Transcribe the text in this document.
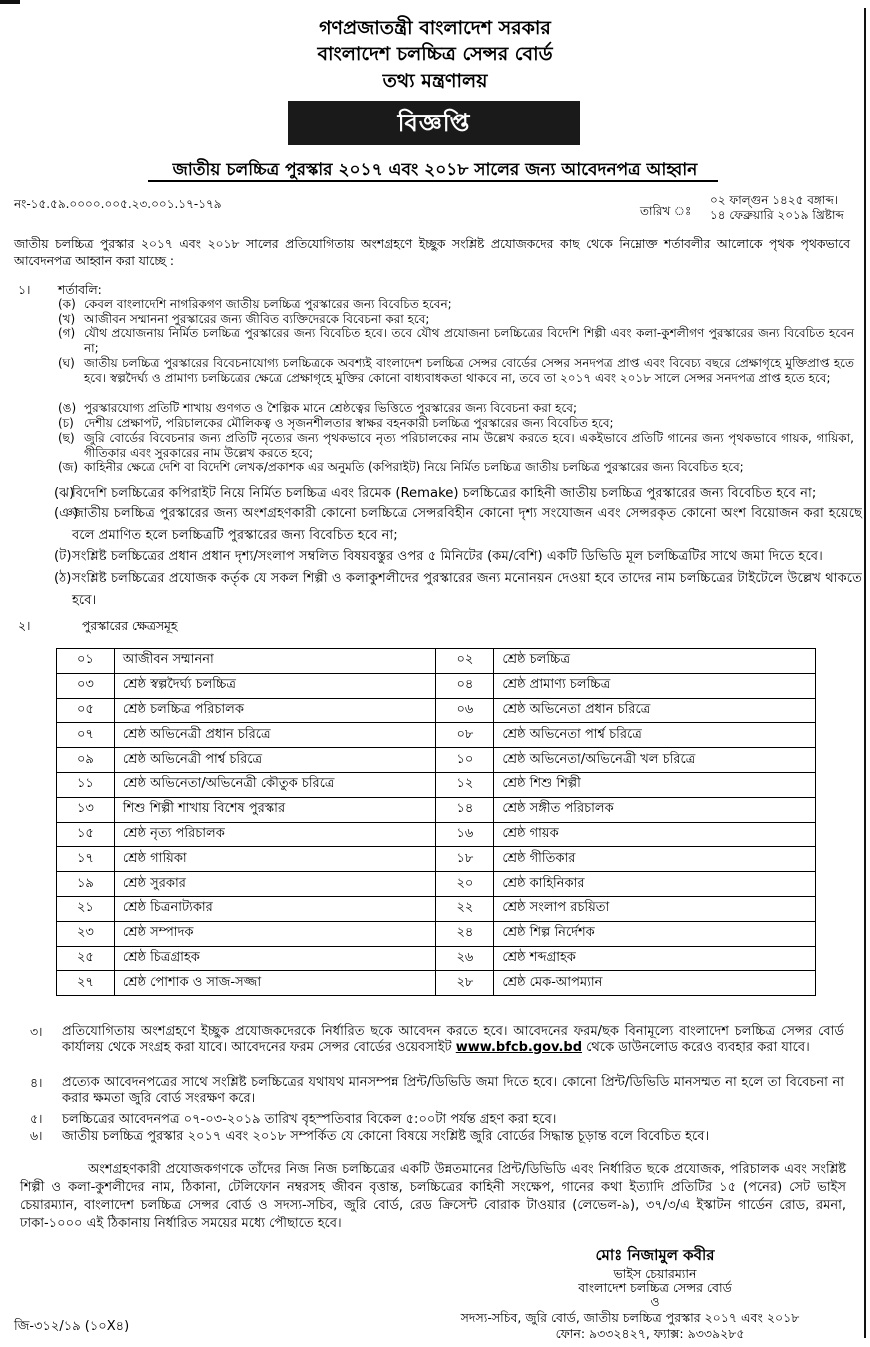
গণপ্রজাতন্ত্রী বাংলাদেশ সরকার
বাংলাদেশ চলচ্চিত্র সেন্সর বোর্ড
তথ্য মন্ত্রণালয়
বিজ্ঞপ্তি
জাতীয় চলচ্চিত্র পুরস্কার ২০১৭ এবং ২০১৮ সালের জন্য আবেদনপত্র আহ্বান
নং-১৫.৫৯.০০০০.০০৫.২৩.০০১.১৭-১৭৯	তারিখ ঃ
০২ ফাল্গুন ১৪২৫ বঙ্গাব্দ।
১৪ ফেব্রুয়ারি ২০১৯ খ্রিষ্টাব্দ
জাতীয় চলচ্চিত্র পুরস্কার ২০১৭ এবং ২০১৮ সালের প্রতিযোগিতায় অংশগ্রহণে ইচ্ছুক সংশ্লিষ্ট প্রযোজকদের কাছ থেকে নিম্নোক্ত শর্তাবলীর আলোকে পৃথক পৃথকভাবে আবেদনপত্র আহ্বান করা যাচ্ছে :
১। শর্তাবলি:
(ক) কেবল বাংলাদেশি নাগরিকগণ জাতীয় চলচ্চিত্র পুরস্কারের জন্য বিবেচিত হবেন;
(খ) আজীবন সম্মাননা পুরস্কারের জন্য জীবিত ব্যক্তিদেরকে বিবেচনা করা হবে;
(গ) যৌথ প্রযোজনায় নির্মিত চলচ্চিত্র পুরস্কারের জন্য বিবেচিত হবে। তবে যৌথ প্রযোজনা চলচ্চিত্রের বিদেশি শিল্পী এবং কলা-কুশলীগণ পুরস্কারের জন্য বিবেচিত হবেন না;
(ঘ) জাতীয় চলচ্চিত্র পুরস্কারের বিবেচনাযোগ্য চলচ্চিত্রকে অবশ্যই বাংলাদেশ চলচ্চিত্র সেন্সর বোর্ডের সেন্সর সনদপত্র প্রাপ্ত এবং বিবেচ্য বছরে প্রেক্ষাগৃহে মুক্তিপ্রাপ্ত হতে হবে। স্বল্পদৈর্ঘ্য ও প্রামাণ্য চলচ্চিত্রের ক্ষেত্রে প্রেক্ষাগৃহে মুক্তির কোনো বাধ্যবাধকতা থাকবে না, তবে তা ২০১৭ এবং ২০১৮ সালে সেন্সর সনদপত্র প্রাপ্ত হতে হবে;
(ঙ) পুরস্কারযোগ্য প্রতিটি শাখায় গুণগত ও শৈল্পিক মানে শ্রেষ্ঠত্বের ভিত্তিতে পুরস্কারের জন্য বিবেচনা করা হবে;
(চ) দেশীয় প্রেক্ষাপট, পরিচালকের মৌলিকত্ব ও সৃজনশীলতার স্বাক্ষর বহনকারী চলচ্চিত্র পুরস্কারের জন্য বিবেচিত হবে;
(ছ) জুরি বোর্ডের বিবেচনার জন্য প্রতিটি নৃত্যের জন্য পৃথকভাবে নৃত্য পরিচালকের নাম উল্লেখ করতে হবে। একইভাবে প্রতিটি গানের জন্য পৃথকভাবে গায়ক, গায়িকা, গীতিকার এবং সুরকারের নাম উল্লেখ করতে হবে;
(জ) কাহিনীর ক্ষেত্রে দেশি বা বিদেশি লেখক/প্রকাশক এর অনুমতি (কপিরাইট) নিয়ে নির্মিত চলচ্চিত্র জাতীয় চলচ্চিত্র পুরস্কারের জন্য বিবেচিত হবে;
(ঝ)
বিদেশি চলচ্চিত্রের কপিরাইট নিয়ে নির্মিত চলচ্চিত্র এবং রিমেক (Remake) চলচ্চিত্রের কাহিনী জাতীয় চলচ্চিত্র পুরস্কারের জন্য বিবেচিত হবে না;
(ঞ)
জাতীয় চলচ্চিত্র পুরস্কারের জন্য অংশগ্রহণকারী কোনো চলচ্চিত্রে সেন্সরবিহীন কোনো দৃশ্য সংযোজন এবং সেন্সরকৃত কোনো অংশ বিয়োজন করা হয়েছে বলে প্রমাণিত হলে চলচ্চিত্রটি পুরস্কারের জন্য বিবেচিত হবে না;
(ট) সংশ্লিষ্ট চলচ্চিত্রের প্রধান প্রধান দৃশ্য/সংলাপ সম্বলিত বিষয়বস্তুর ওপর ৫ মিনিটের (কম/বেশি) একটি ডিভিডি মূল চলচ্চিত্রটির সাথে জমা দিতে হবে।
(ঠ) সংশ্লিষ্ট চলচ্চিত্রের প্রযোজক কর্তৃক যে সকল শিল্পী ও কলাকুশলীদের পুরস্কারের জন্য মনোনয়ন দেওয়া হবে তাদের নাম চলচ্চিত্রের টাইটেলে উল্লেখ থাকতে হবে।
২।	পুরস্কারের ক্ষেত্রসমূহ
০১	আজীবন সম্মাননা	০২	শ্রেষ্ঠ চলচ্চিত্র
০৩	শ্রেষ্ঠ স্বল্পদৈর্ঘ্য চলচ্চিত্র	০৪	শ্রেষ্ঠ প্রামাণ্য চলচ্চিত্র
০৫	শ্রেষ্ঠ চলচ্চিত্র পরিচালক	০৬	শ্রেষ্ঠ অভিনেতা প্রধান চরিত্রে
০৭	শ্রেষ্ঠ অভিনেত্রী প্রধান চরিত্রে	০৮	শ্রেষ্ঠ অভিনেতা পার্শ্ব চরিত্রে
০৯	শ্রেষ্ঠ অভিনেত্রী পার্শ্ব চরিত্রে	১০	শ্রেষ্ঠ অভিনেতা/অভিনেত্রী খল চরিত্রে
১১	শ্রেষ্ঠ অভিনেতা/অভিনেত্রী কৌতুক চরিত্রে	১২	শ্রেষ্ঠ শিশু শিল্পী
১৩	শিশু শিল্পী শাখায় বিশেষ পুরস্কার	১৪	শ্রেষ্ঠ সঙ্গীত পরিচালক
১৫	শ্রেষ্ঠ নৃত্য পরিচালক	১৬	শ্রেষ্ঠ গায়ক
১৭	শ্রেষ্ঠ গায়িকা	১৮	শ্রেষ্ঠ গীতিকার
১৯	শ্রেষ্ঠ সুরকার	২০	শ্রেষ্ঠ কাহিনিকার
২১	শ্রেষ্ঠ চিত্রনাট্যকার	২২	শ্রেষ্ঠ সংলাপ রচয়িতা
২৩	শ্রেষ্ঠ সম্পাদক	২৪	শ্রেষ্ঠ শিল্প নির্দেশক
২৫	শ্রেষ্ঠ চিত্রগ্রাহক	২৬	শ্রেষ্ঠ শব্দগ্রাহক
২৭	শ্রেষ্ঠ পোশাক ও সাজ-সজ্জা	২৮	শ্রেষ্ঠ মেক-আপম্যান
৩। প্রতিযোগিতায় অংশগ্রহণে ইচ্ছুক প্রযোজকদেরকে নির্ধারিত ছকে আবেদন করতে হবে। আবেদনের ফরম/ছক বিনামূল্যে বাংলাদেশ চলচ্চিত্র সেন্সর বোর্ড কার্যালয় থেকে সংগ্রহ করা যাবে। আবেদনের ফরম সেন্সর বোর্ডের ওয়েবসাইট www.bfcb.gov.bd থেকে ডাউনলোড করেও ব্যবহার করা যাবে।
৪। প্রত্যেক আবেদনপত্রের সাথে সংশ্লিষ্ট চলচ্চিত্রের যথাযথ মানসম্পন্ন প্রিন্ট/ডিভিডি জমা দিতে হবে। কোনো প্রিন্ট/ডিভিডি মানসম্মত না হলে তা বিবেচনা না করার ক্ষমতা জুরি বোর্ড সংরক্ষণ করে।
৫। চলচ্চিত্রের আবেদনপত্র ০৭-০৩-২০১৯ তারিখ বৃহস্পতিবার বিকেল ৫:০০টা পর্যন্ত গ্রহণ করা হবে।
৬। জাতীয় চলচ্চিত্র পুরস্কার ২০১৭ এবং ২০১৮ সম্পর্কিত যে কোনো বিষয়ে সংশ্লিষ্ট জুরি বোর্ডের সিদ্ধান্ত চূড়ান্ত বলে বিবেচিত হবে।
অংশগ্রহণকারী প্রযোজকগণকে তাঁদের নিজ নিজ চলচ্চিত্রের একটি উন্নতমানের প্রিন্ট/ডিভিডি এবং নির্ধারিত ছকে প্রযোজক, পরিচালক এবং সংশ্লিষ্ট শিল্পী ও কলা-কুশলীদের নাম, ঠিকানা, টেলিফোন নম্বরসহ জীবন বৃত্তান্ত, চলচ্চিত্রের কাহিনী সংক্ষেপ, গানের কথা ইত্যাদি প্রতিটির ১৫ (পনের) সেট ভাইস চেয়ারম্যান, বাংলাদেশ চলচ্চিত্র সেন্সর বোর্ড ও সদস্য-সচিব, জুরি বোর্ড, রেড ক্রিসেন্ট বোরাক টাওয়ার (লেভেল-৯), ৩৭/৩/এ ইস্কাটন গার্ডেন রোড, রমনা, ঢাকা-১০০০ এই ঠিকানায় নির্ধারিত সময়ের মধ্যে পৌছাতে হবে।
মোঃ নিজামুল কবীর
ভাইস চেয়ারম্যান
বাংলাদেশ চলচ্চিত্র সেন্সর বোর্ড
ও
সদস্য-সচিব, জুরি বোর্ড, জাতীয় চলচ্চিত্র পুরস্কার ২০১৭ এবং ২০১৮
ফোন: ৯৩৩২৪২৭, ফ্যাক্স: ৯৩৩৯২৮৫
জি-৩১২/১৯ (১০X৪)
